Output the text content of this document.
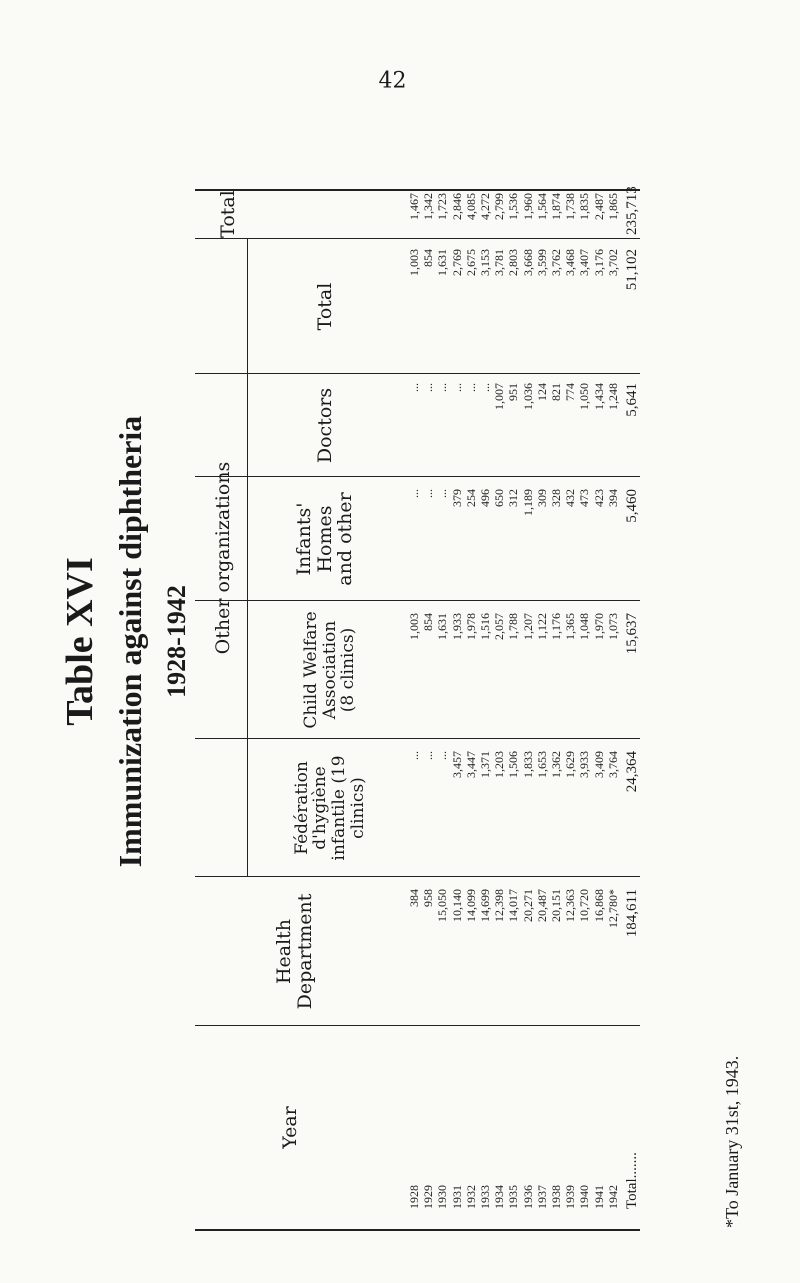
42
Table XVI Immunization against diphtheria 1928-1942
Year
Health Department
Other organizations
Fédération d'hygiène infantile (19 clinics)
Child Welfare Association (8 clinics)
Infants' Homes and other
Doctors
Total
Total
1928 1929 1930 1931 1932 1933 1934 1935 1936 1937 1938 1939 1940 1941 1942
384 958 15,050 10,140 14,099 14,699 12,398 14,017 20,271 20,487 20,151 12,363 10,720 16,868 12,780*
... ... ... 3,457 3,447 1,371 1,203 1,506 1,833 1,653 1,362 1,629 3,933 3,409 3,764
1,003 854 1,631 1,933 1,978 1,516 2,057 1,788 1,207 1,122 1,176 1,365 1,048 1,970 1,073
... ... ... 379 254 496 650 312 1,189 309 328 432 473 423 394
... ... ... ... ... ... 1,007 951 1,036 124 821 774 1,050 1,434 1,248
1,003 854 1,631 2,769 2,675 3,153 3,781 2,803 3,668 3,599 3,762 3,468 3,407 3,176 3,702
1,467 1,342 1,723 2,846 4,085 4,272 2,799 1,536 1,960 1,564 1,874 1,738 1,835 2,487 1,865
Total.......
184,611
24,364
15,637
5,460
5,641
51,102
235,713
*To January 31st, 1943.
